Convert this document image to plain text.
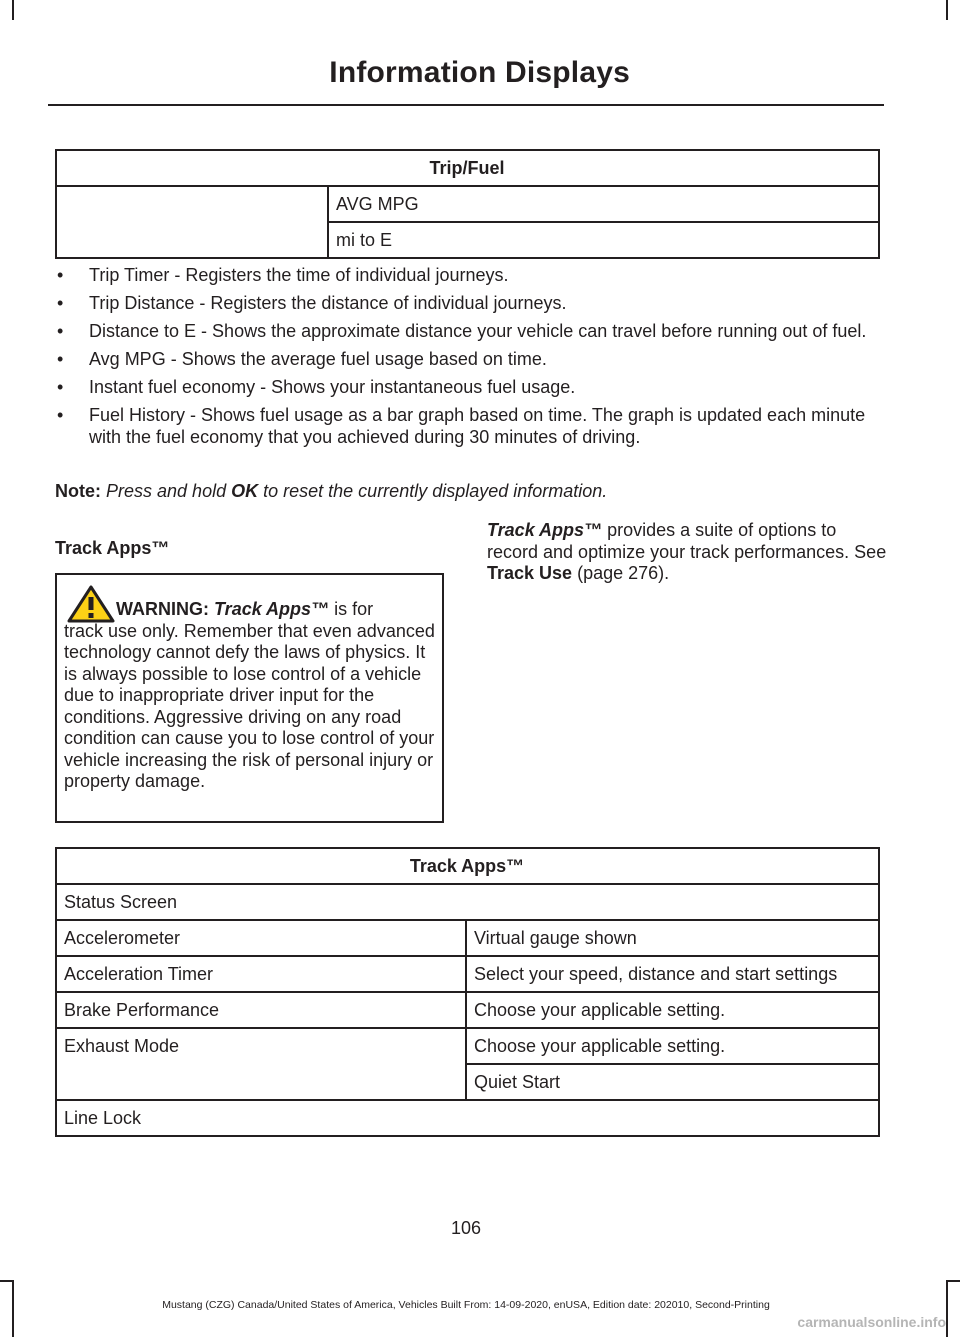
Information Displays
Trip/Fuel
	AVG MPG
mi to E
• Trip Timer - Registers the time of individual journeys.
• Trip Distance - Registers the distance of individual journeys.
• Distance to E - Shows the approximate distance your vehicle can travel before running out of fuel.
• Avg MPG - Shows the average fuel usage based on time.
• Instant fuel economy - Shows your instantaneous fuel usage.
• Fuel History - Shows fuel usage as a bar graph based on time. The graph is updated each minute with the fuel economy that you achieved during 30 minutes of driving.
Note: Press and hold OK to reset the currently displayed information.
Track Apps™
WARNING: Track Apps™ is for
track use only. Remember that even advanced technology cannot defy the laws of physics. It is always possible to lose control of a vehicle due to inappropriate driver input for the conditions. Aggressive driving on any road condition can cause you to lose control of your vehicle increasing the risk of personal injury or property damage.
Track Apps™ provides a suite of options to record and optimize your track performances. See Track Use (page 276).
Track Apps™	
Status Screen	
Accelerometer	Virtual gauge shown
Acceleration Timer	Select your speed, distance and start settings
Brake Performance	Choose your applicable setting.
Exhaust Mode	Choose your applicable setting.
	Quiet Start
Line Lock	
106
Mustang (CZG) Canada/United States of America, Vehicles Built From: 14-09-2020, enUSA, Edition date: 202010, Second-Printing
carmanualsonline.info
